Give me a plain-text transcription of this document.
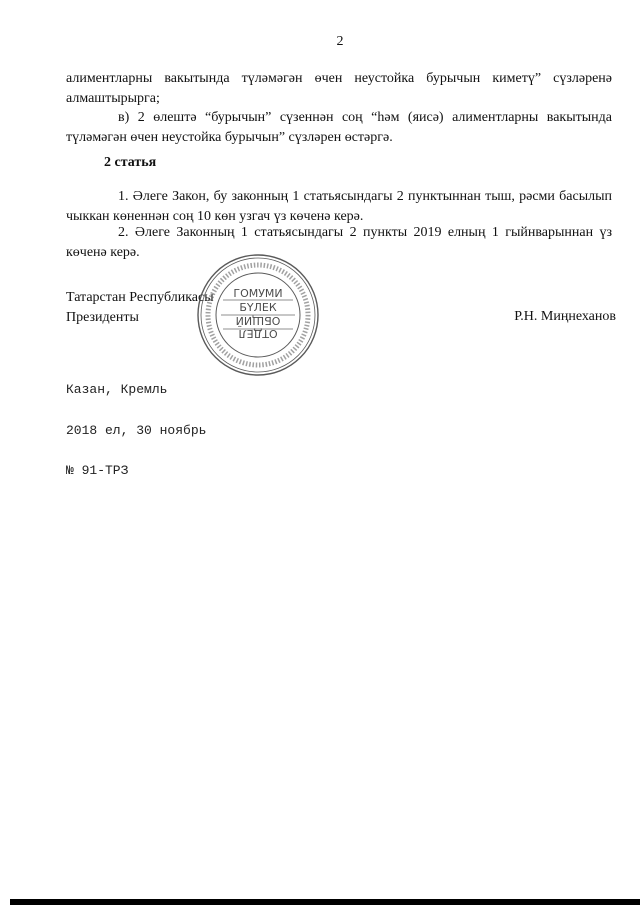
2
алиментларны вакытында түләмәгән өчен неустойка бурычын киметү” сүзләренә алмаштырырга;
в) 2 өлештә “бурычын” сүзеннән соң “һәм (яисә) алиментларны вакытында түләмәгән өчен неустойка бурычын” сүзләрен өстәргә.
2 статья
1. Әлеге Закон, бу законның 1 статьясындагы 2 пунктыннан тыш, рәсми басылып чыккан көненнән соң 10 көн узгач үз көченә керә.
2. Әлеге Законның 1 статьясындагы 2 пункты 2019 елның 1 гыйнварыннан үз көченә керә.
Татарстан Республикасы
Президенты	Р.Н. Миңнеханов
ГОМУМИ
БҮЛЕК
ОБЩИЙ
ОТДЕЛ

Казан, Кремль

2018 ел, 30 ноябрь

№ 91-ТРЗ
